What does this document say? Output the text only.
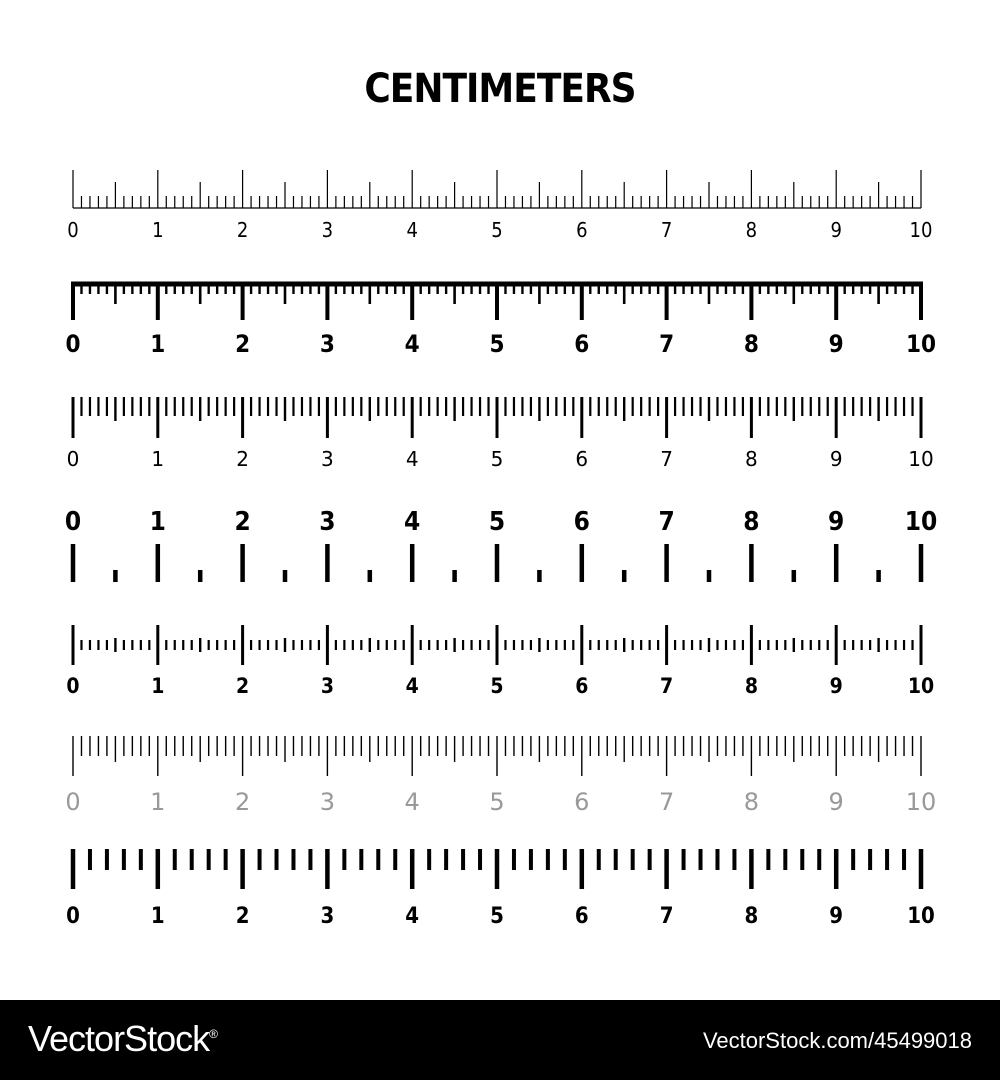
CENTIMETERS
0	1	2	3	4	5	6	7	8	9	10
0	1	2	3	4	5	6	7	8	9	10
0	1	2	3	4	5	6	7	8	9	10
0	1	2	3	4	5	6	7	8	9 10
0	1	2	3	4	5	6	7	8	9	10
0	1	2	3	4	5	6	7	8	9	10
0	1	2	3	4	5	6	7	8	9	10
VectorStock®	VectorStock.com/45499018
